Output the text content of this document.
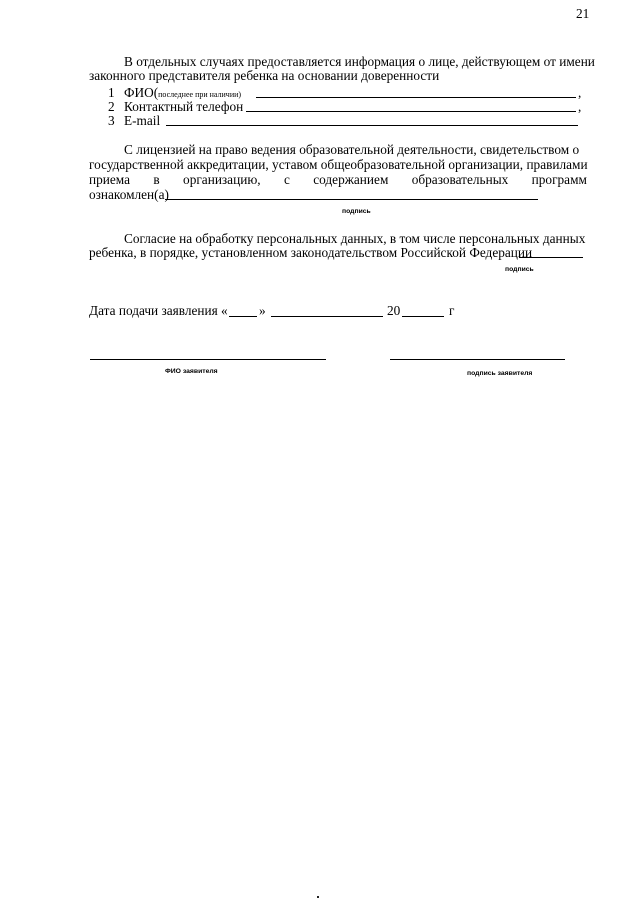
21
В отдельных случаях предоставляется информация о лице, действующем от имени
законного представителя ребенка на основании доверенности
1 ФИО(последнее при наличии)	,
2 Контактный телефон	,
3 E-mail
С лицензией на право ведения образовательной деятельности, свидетельством о
государственной аккредитации, уставом общеобразовательной организации, правилами
приема в организацию, с содержанием образовательных программ
ознакомлен(а)
подпись
Согласие на обработку персональных данных, в том числе персональных данных
ребенка, в порядке, установленном законодательством Российской Федерации
подпись
Дата подачи заявления « »	20	г
ФИО заявителя	подпись заявителя
